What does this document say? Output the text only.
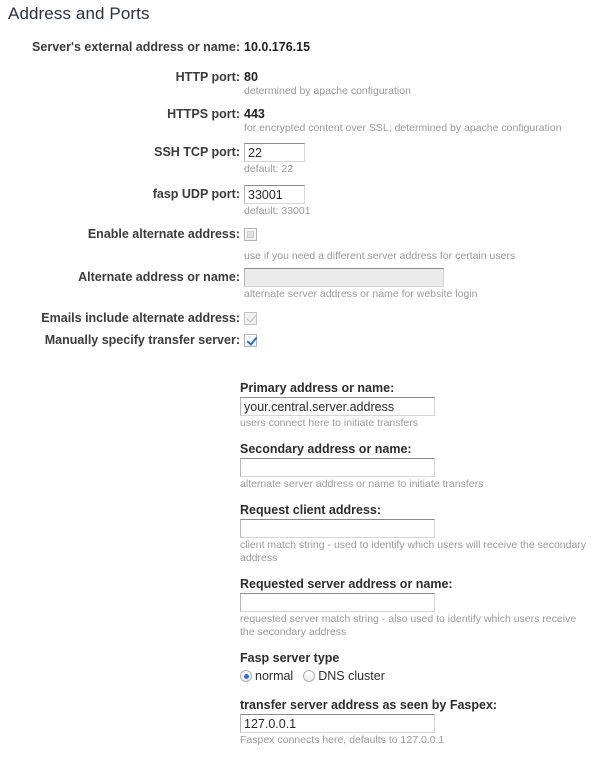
Address and Ports
Server's external address or name: 10.0.176.15
HTTP port: 80
determined by apache configuration
HTTPS port: 443
for encrypted content over SSL; determined by apache configuration
SSH TCP port:
22
default: 22
fasp UDP port:
33001
default: 33001
Enable alternate address:
use if you need a different server address for certain users
Alternate address or name:
alternate server address or name for website login
Emails include alternate address:
Manually specify transfer server:
Primary address or name:
your.central.server.address
users connect here to initiate transfers
Secondary address or name:
alternate server address or name to initiate transfers
Request client address:
client match string - used to identify which users will receive the secondary address
Requested server address or name:
requested server match string - also used to identify which users receive the secondary address
Fasp server type
normal DNS cluster
transfer server address as seen by Faspex:
127.0.0.1
Faspex connects here, defaults to 127.0.0.1
